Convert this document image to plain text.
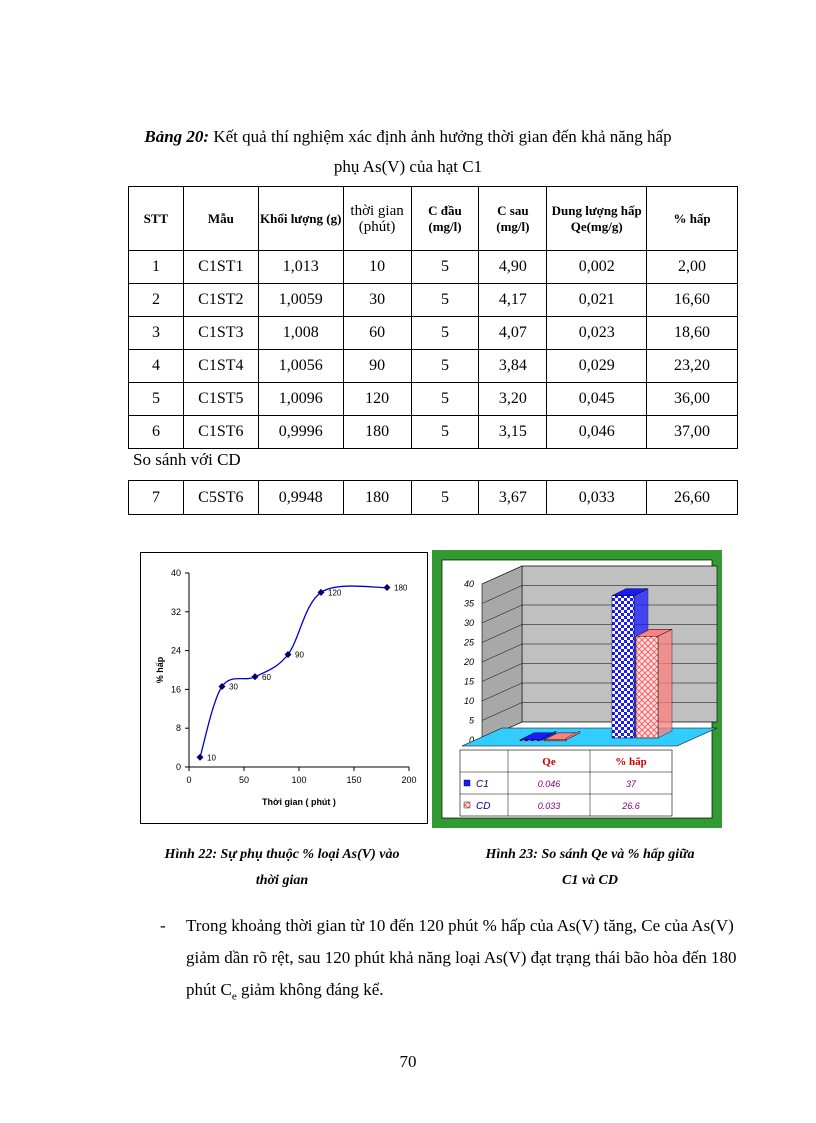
Bảng 20: Kết quả thí nghiệm xác định ảnh hưởng thời gian đến khả năng hấp
phụ As(V) của hạt C1
STT	Mẫu	Khối lượng (g)	thời gian (phút)	C đầu (mg/l)	C sau (mg/l)	Dung lượng hấp Qe(mg/g)	% hấp
1	C1ST1	1,013	10	5	4,90	0,002	2,00
2	C1ST2	1,0059	30	5	4,17	0,021	16,60
3	C1ST3	1,008	60	5	4,07	0,023	18,60
4	C1ST4	1,0056	90	5	3,84	0,029	23,20
5	C1ST5	1,0096	120	5	3,20	0,045	36,00
6	C1ST6	0,9996	180	5	3,15	0,046	37,00
So sánh với CD
7	C5ST6	0,9948	180	5	3,67	0,033	26,60
0
8
16
24
32
40
0	50	100	150	200
Thời gian ( phút )
% hấp
10
30
60
90
120
180
0
5
10
15
20
25
30
35
40
Qe	% hấp
C1	0.046	37
CD	0.033	26.6
Hình 22: Sự phụ thuộc % loại As(V) vào
thời gian
Hình 23: So sánh Qe và % hấp giữa
C1 và CD
- Trong khoảng thời gian từ 10 đến 120 phút % hấp của As(V) tăng, Ce của As(V) giảm dần rõ rệt, sau 120 phút khả năng loại As(V) đạt trạng thái bão hòa đến 180 phút $C_e$ giảm không đáng kể.
70
